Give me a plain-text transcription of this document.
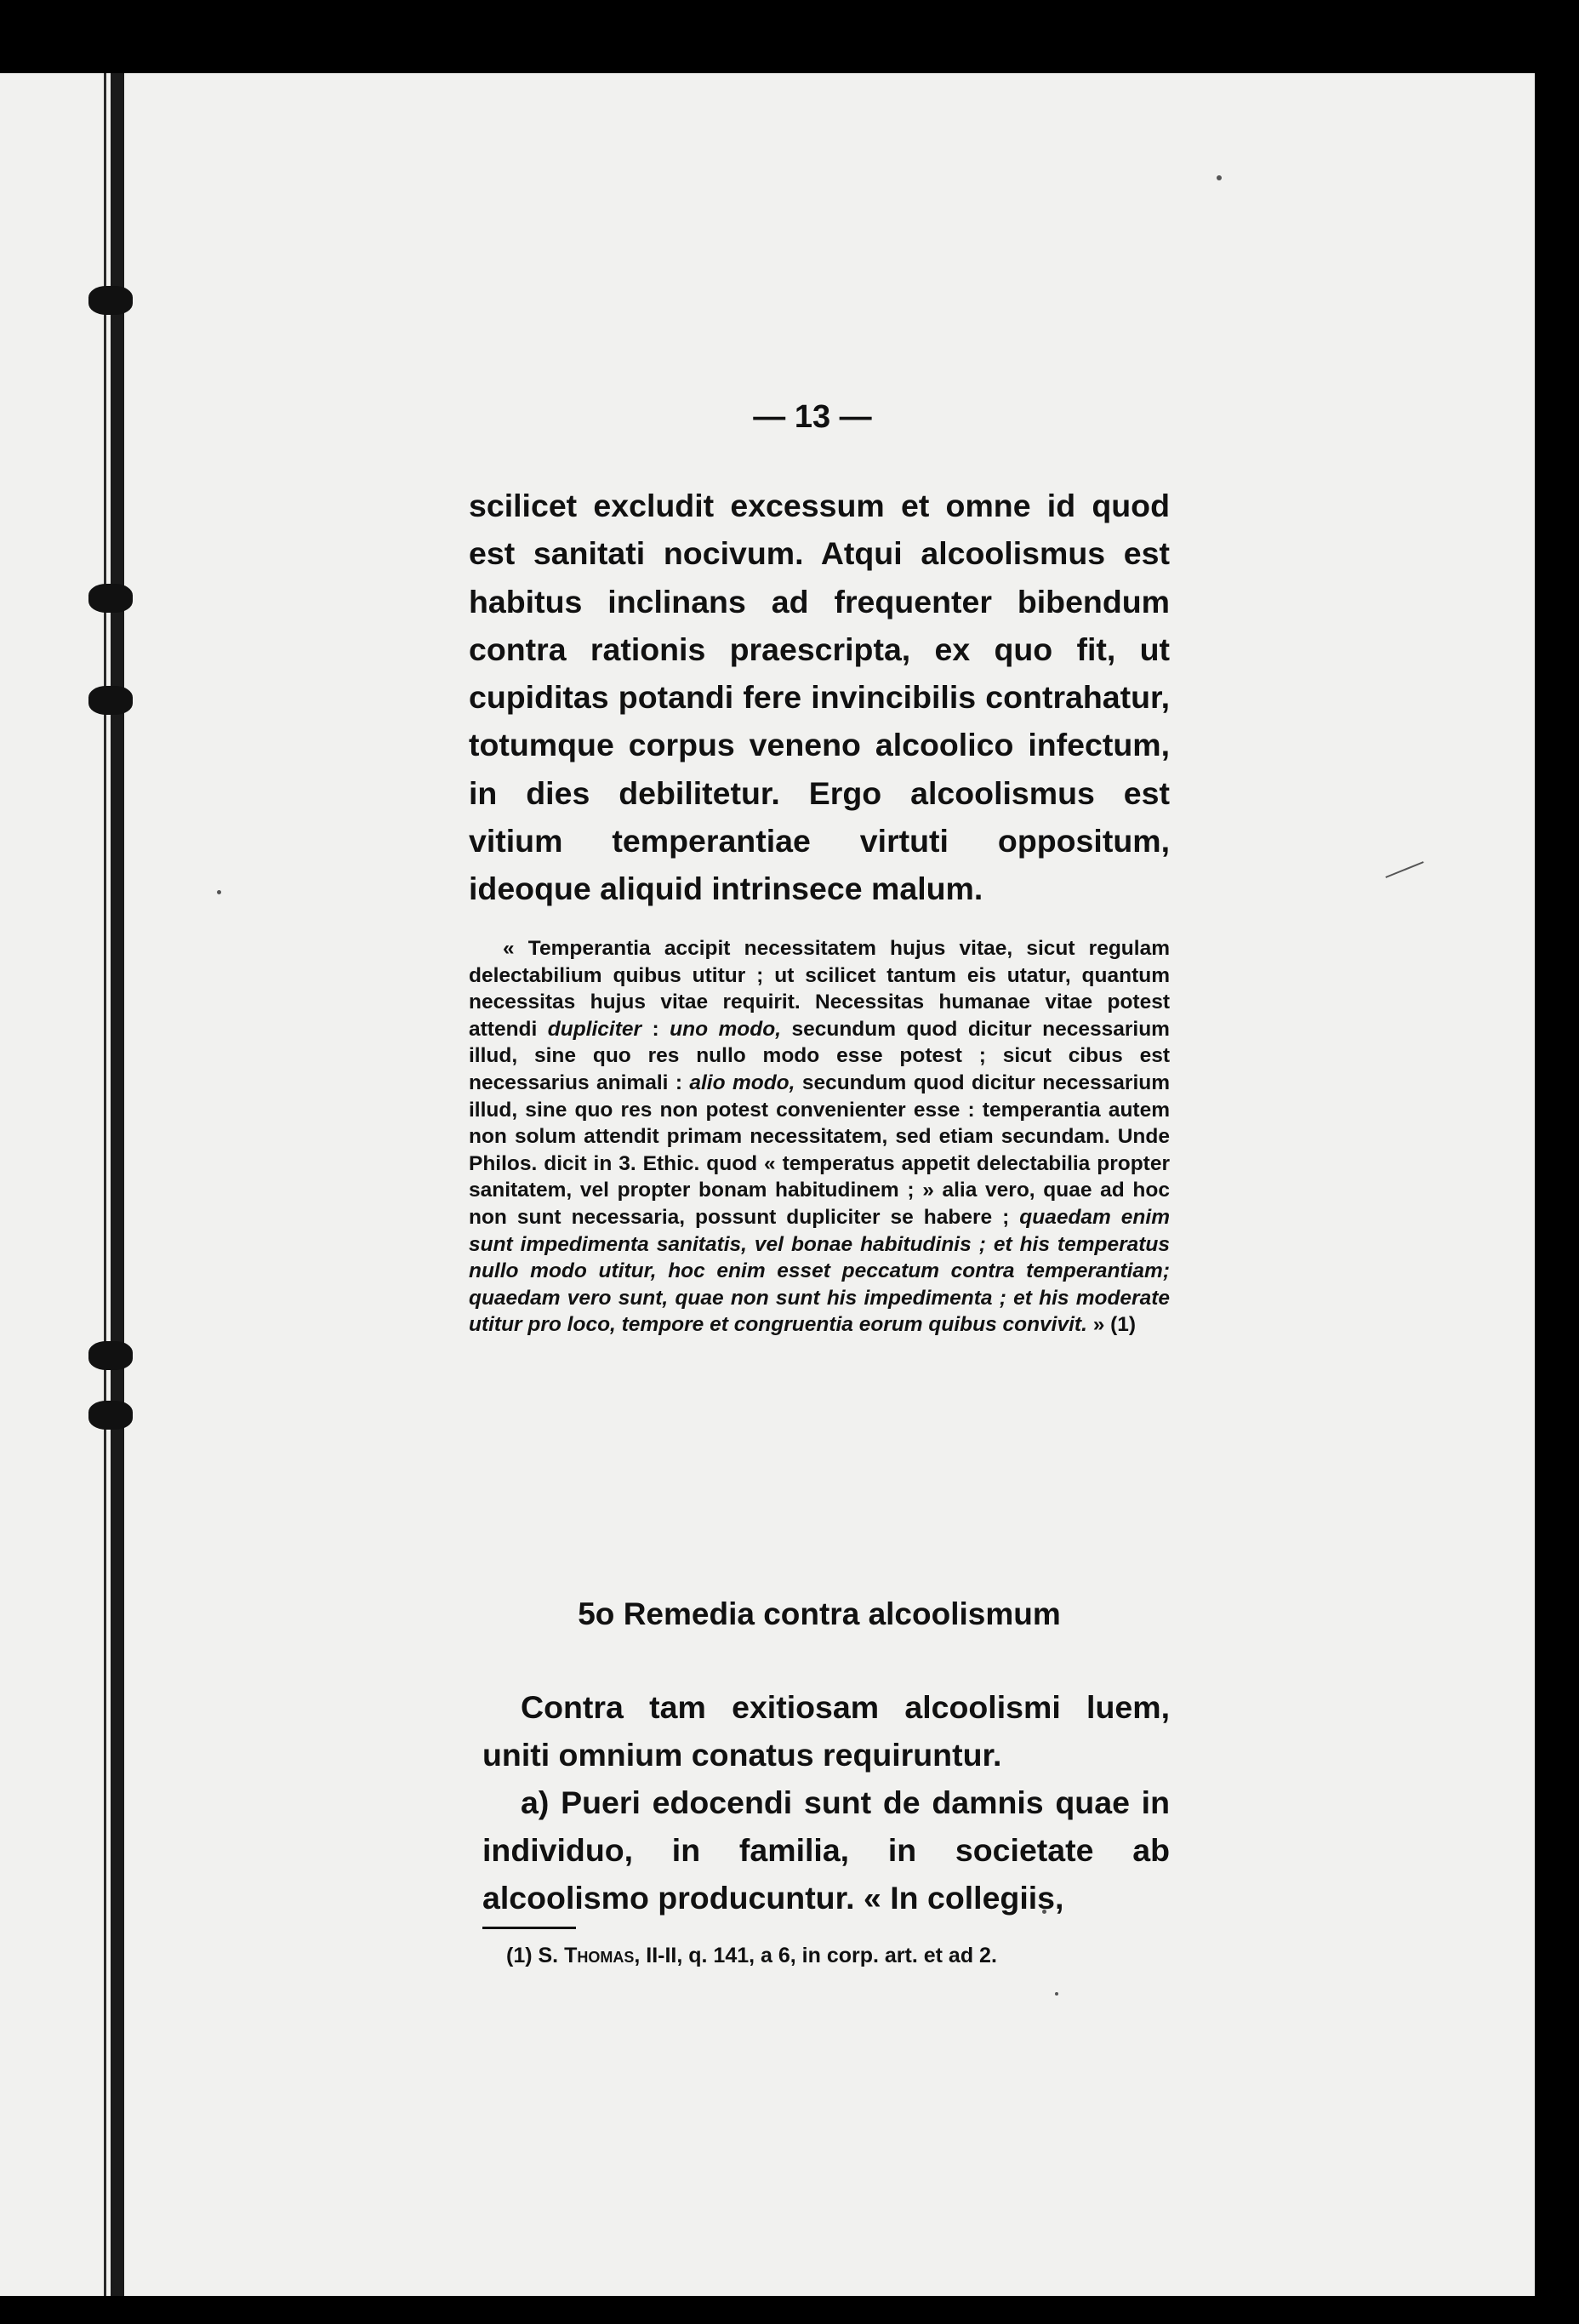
— 13 —
scilicet excludit excessum et omne id quod est sanitati nocivum. Atqui alcoolismus est habitus inclinans ad frequenter bibendum contra rationis praescripta, ex quo fit, ut cupiditas potandi fere invincibilis contrahatur, totumque corpus veneno alcoolico infectum, in dies debilitetur. Ergo alcoolismus est vitium temperantiae virtuti oppositum, ideoque aliquid intrinsece malum.
« Temperantia accipit necessitatem hujus vitae, sicut regulam delectabilium quibus utitur ; ut scilicet tantum eis utatur, quantum necessitas hujus vitae requirit. Necessitas humanae vitae potest attendi dupliciter : uno modo, secundum quod dicitur necessarium illud, sine quo res nullo modo esse potest ; sicut cibus est necessarius animali : alio modo, secundum quod dicitur necessarium illud, sine quo res non potest convenienter esse : temperantia autem non solum attendit primam necessitatem, sed etiam secundam. Unde Philos. dicit in 3. Ethic. quod « temperatus appetit delectabilia propter sanitatem, vel propter bonam habitudinem ; » alia vero, quae ad hoc non sunt necessaria, possunt dupliciter se habere ; quaedam enim sunt impedimenta sanitatis, vel bonae habitudinis ; et his temperatus nullo modo utitur, hoc enim esset peccatum contra temperantiam; quaedam vero sunt, quae non sunt his impedimenta ; et his moderate utitur pro loco, tempore et congruentia eorum quibus convivit. » (1)
5o Remedia contra alcoolismum
Contra tam exitiosam alcoolismi luem, uniti omnium conatus requiruntur.
a) Pueri edocendi sunt de damnis quae in individuo, in familia, in societate ab alcoolismo producuntur. « In collegiis,
(1) S. Thomas, II-II, q. 141, a 6, in corp. art. et ad 2.
